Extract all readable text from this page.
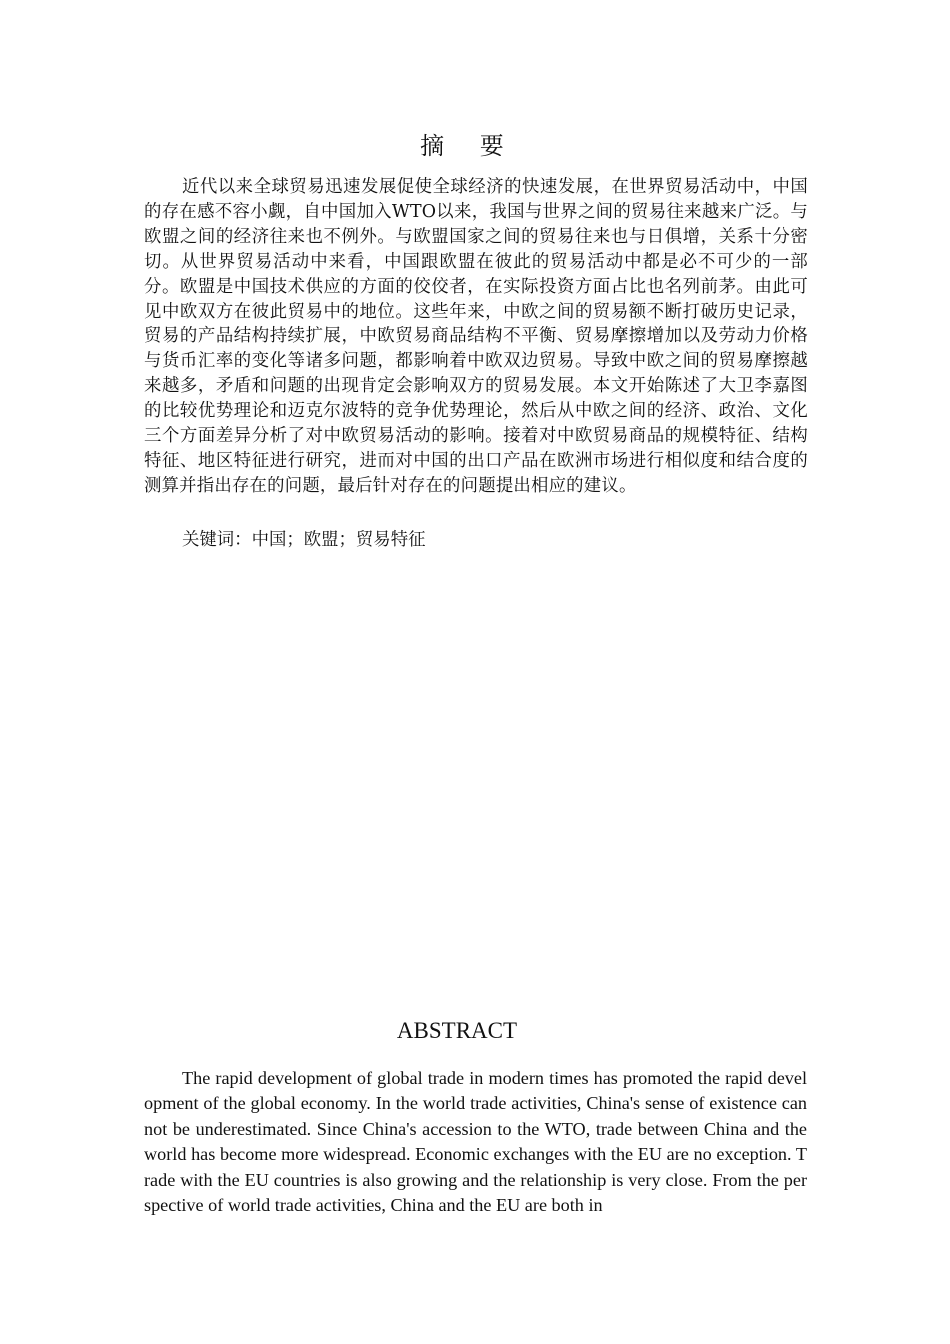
摘 要
近代以来全球贸易迅速发展促使全球经济的快速发展，在世界贸易活动中，中国的存在感不容小觑，自中国加入WTO以来，我国与世界之间的贸易往来越来广泛。与欧盟之间的经济往来也不例外。与欧盟国家之间的贸易往来也与日俱增，关系十分密切。从世界贸易活动中来看，中国跟欧盟在彼此的贸易活动中都是必不可少的一部分。欧盟是中国技术供应的方面的佼佼者，在实际投资方面占比也名列前茅。由此可见中欧双方在彼此贸易中的地位。这些年来，中欧之间的贸易额不断打破历史记录，贸易的产品结构持续扩展，中欧贸易商品结构不平衡、贸易摩擦增加以及劳动力价格与货币汇率的变化等诸多问题，都影响着中欧双边贸易。导致中欧之间的贸易摩擦越来越多，矛盾和问题的出现肯定会影响双方的贸易发展。本文开始陈述了大卫李嘉图的比较优势理论和迈克尔波特的竞争优势理论，然后从中欧之间的经济、政治、文化三个方面差异分析了对中欧贸易活动的影响。接着对中欧贸易商品的规模特征、结构特征、地区特征进行研究，进而对中国的出口产品在欧洲市场进行相似度和结合度的测算并指出存在的问题，最后针对存在的问题提出相应的建议。
关键词：中国；欧盟；贸易特征
ABSTRACT
The rapid development of global trade in modern times has promoted the rapid development of the global economy. In the world trade activities, China's sense of existence cannot be underestimated. Since China's accession to the WTO, trade between China and the world has become more widespread. Economic exchanges with the EU are no exception. Trade with the EU countries is also growing and the relationship is very close. From the perspective of world trade activities, China and the EU are both in
